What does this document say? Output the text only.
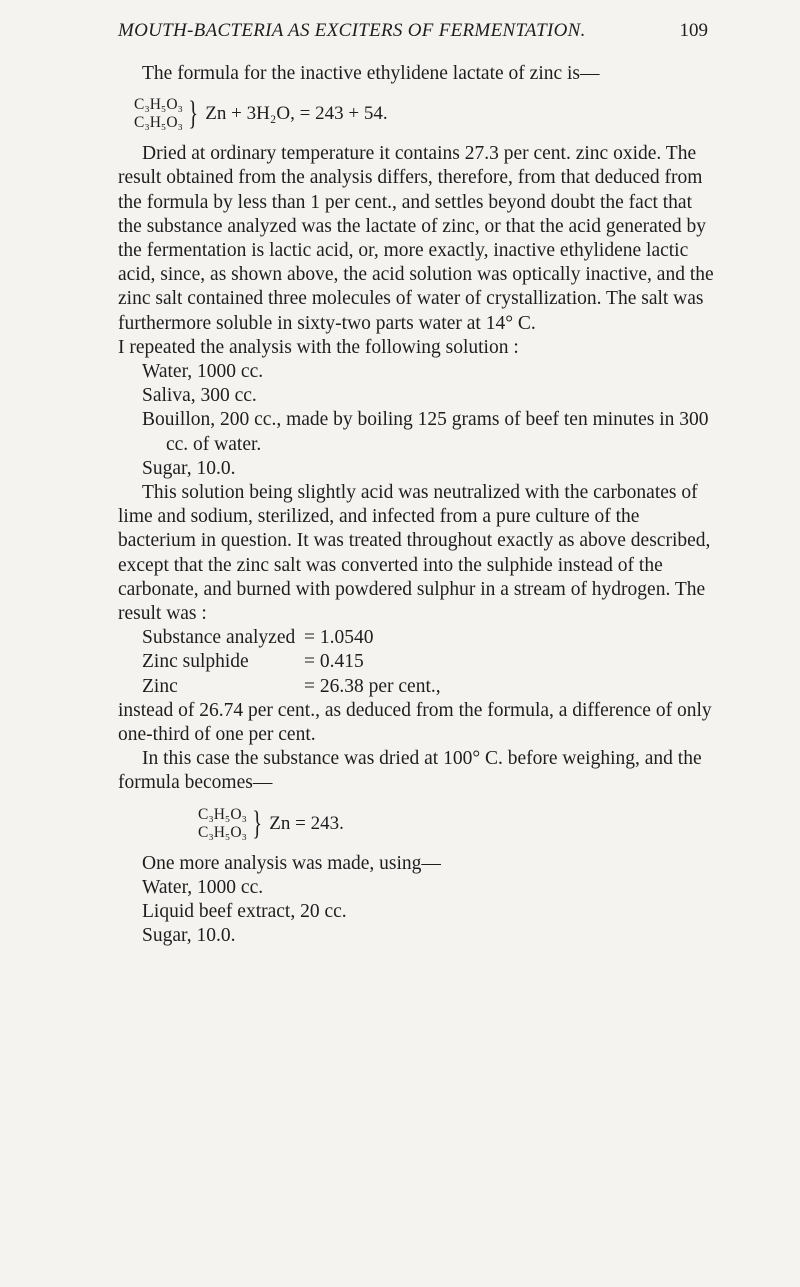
MOUTH-BACTERIA AS EXCITERS OF FERMENTATION.	109

The formula for the inactive ethylidene lactate of zinc is—

C₃H₅O₃
C₃H₅O₃ } Zn + 3H₂O, = 243 + 54.

Dried at ordinary temperature it contains 27.3 per cent. zinc oxide. The result obtained from the analysis differs, therefore, from that deduced from the formula by less than 1 per cent., and settles beyond doubt the fact that the substance analyzed was the lactate of zinc, or that the acid generated by the fermentation is lactic acid, or, more exactly, inactive ethylidene lactic acid, since, as shown above, the acid solution was optically inactive, and the zinc salt contained three molecules of water of crystallization. The salt was furthermore soluble in sixty-two parts water at 14° C.

I repeated the analysis with the following solution :

Water, 1000 cc.
Saliva, 300 cc.
Bouillon, 200 cc., made by boiling 125 grams of beef ten minutes in 300 cc. of water.
Sugar, 10.0.

This solution being slightly acid was neutralized with the carbonates of lime and sodium, sterilized, and infected from a pure culture of the bacterium in question. It was treated throughout exactly as above described, except that the zinc salt was converted into the sulphide instead of the carbonate, and burned with powdered sulphur in a stream of hydrogen. The result was :

Substance analyzed	= 1.0540
Zinc sulphide	= 0.415
Zinc	= 26.38 per cent.,

instead of 26.74 per cent., as deduced from the formula, a difference of only one-third of one per cent.

In this case the substance was dried at 100° C. before weighing, and the formula becomes—

C₃H₅O₃
C₃H₅O₃ } Zn = 243.

One more analysis was made, using—

Water, 1000 cc.
Liquid beef extract, 20 cc.
Sugar, 10.0.
